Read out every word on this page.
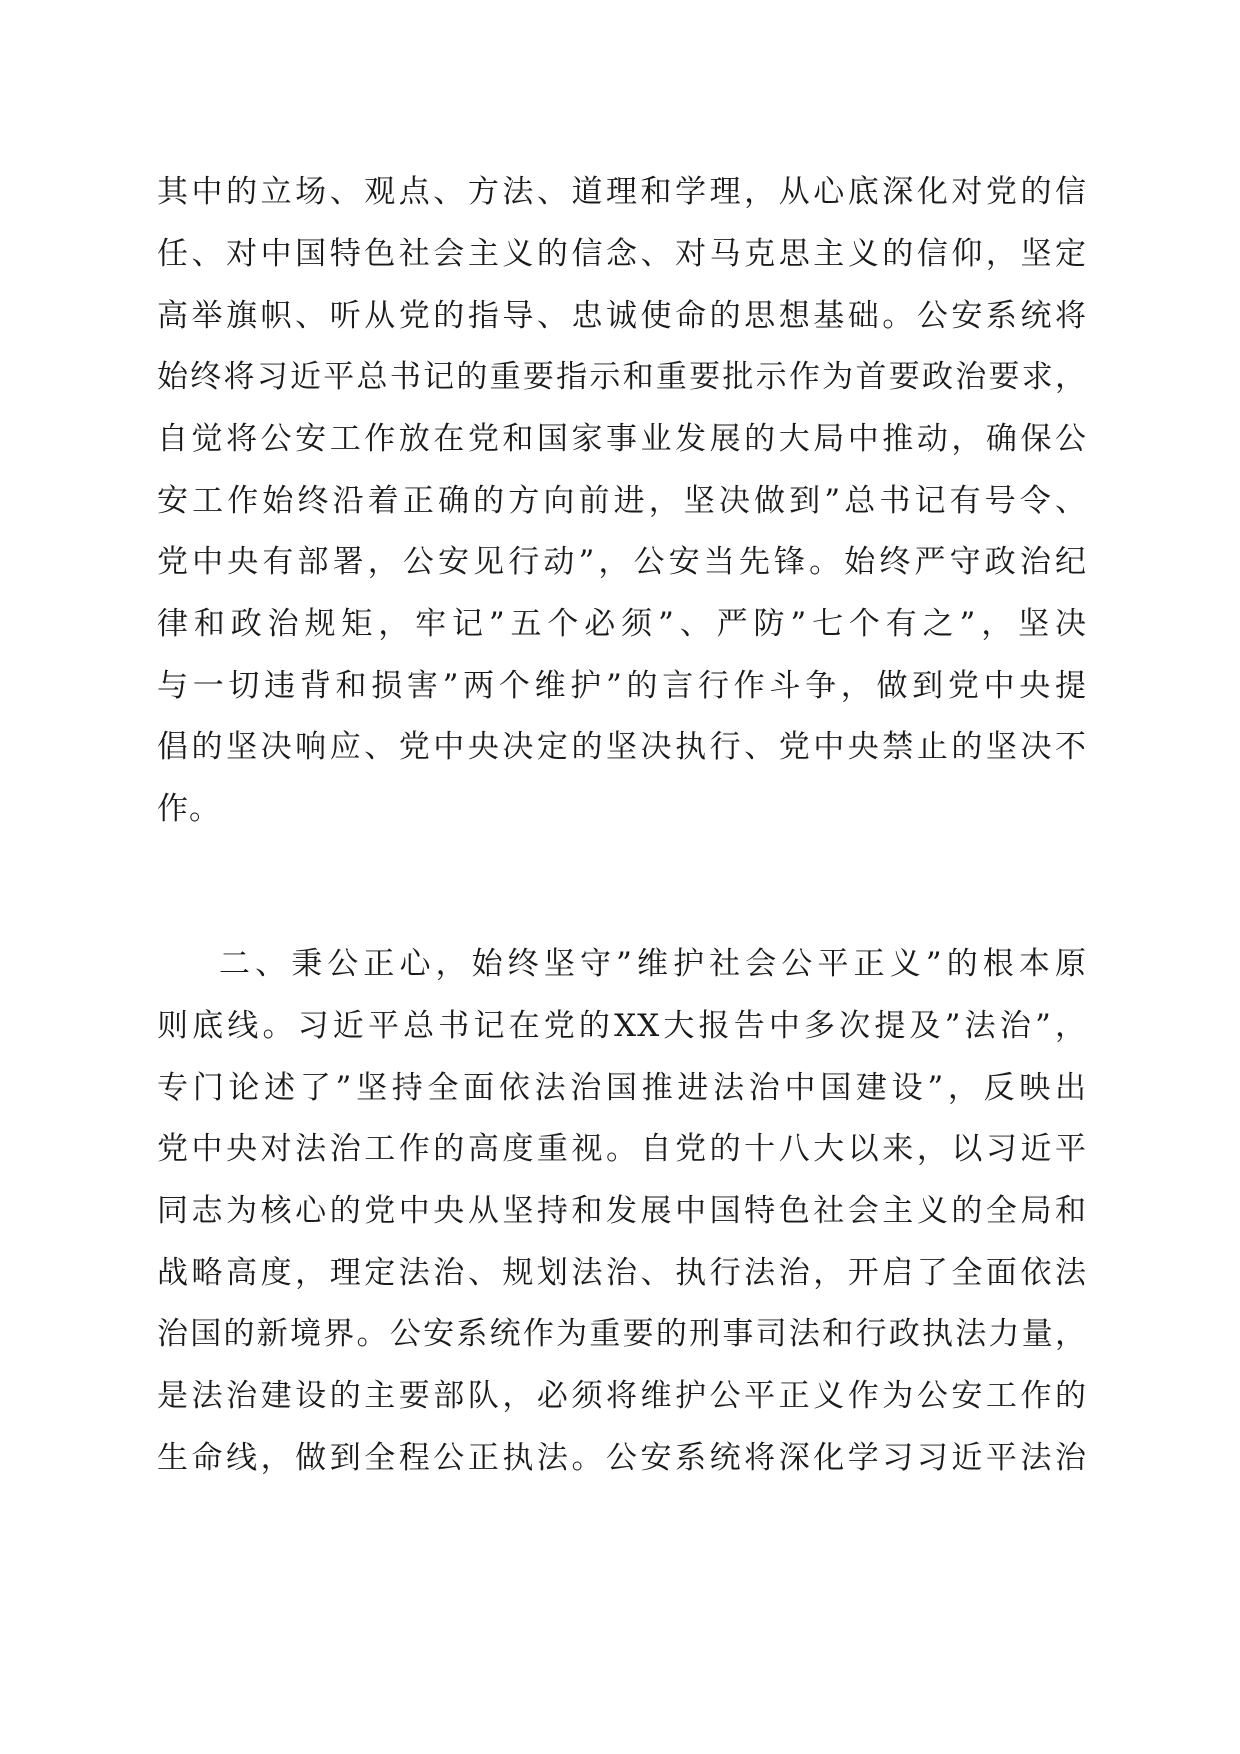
其中的立场、观点、方法、道理和学理，从心底深化对党的信
任、对中国特色社会主义的信念、对马克思主义的信仰，坚定
高举旗帜、听从党的指导、忠诚使命的思想基础。公安系统将
始终将习近平总书记的重要指示和重要批示作为首要政治要求，
自觉将公安工作放在党和国家事业发展的大局中推动，确保公
安工作始终沿着正确的方向前进，坚决做到”总书记有号令、
党中央有部署，公安见行动”，公安当先锋。始终严守政治纪
律和政治规矩，牢记”五个必须”、严防”七个有之”，坚决
与一切违背和损害”两个维护”的言行作斗争，做到党中央提
倡的坚决响应、党中央决定的坚决执行、党中央禁止的坚决不
作。
二、秉公正心，始终坚守”维护社会公平正义”的根本原
则底线。习近平总书记在党的XX大报告中多次提及”法治”，
专门论述了”坚持全面依法治国推进法治中国建设”，反映出
党中央对法治工作的高度重视。自党的十八大以来，以习近平
同志为核心的党中央从坚持和发展中国特色社会主义的全局和
战略高度，理定法治、规划法治、执行法治，开启了全面依法
治国的新境界。公安系统作为重要的刑事司法和行政执法力量，
是法治建设的主要部队，必须将维护公平正义作为公安工作的
生命线，做到全程公正执法。公安系统将深化学习习近平法治
